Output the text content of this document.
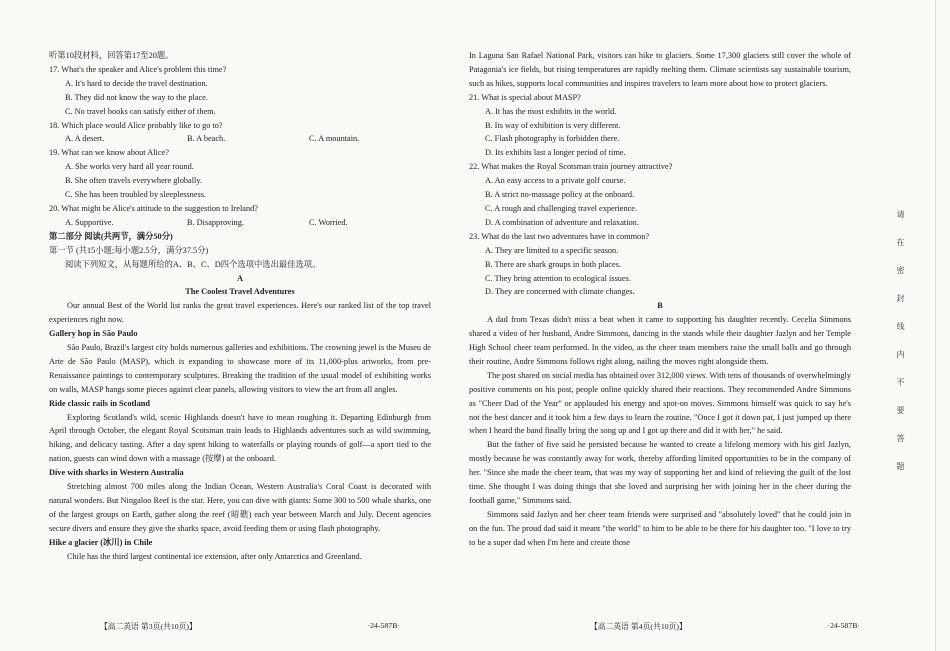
听第10段材料，回答第17至20题。
17. What's the speaker and Alice's problem this time?
A. It's hard to decide the travel destination.
B. They did not know the way to the place.
C. No travel books can satisfy either of them.
18. Which place would Alice probably like to go to?
A. A desert.	B. A beach.	C. A mountain.
19. What can we know about Alice?
A. She works very hard all year round.
B. She often travels everywhere globally.
C. She has been troubled by sleeplessness.
20. What might be Alice's attitude to the suggestion to Ireland?
A. Supportive.	B. Disapproving.	C. Worried.
第二部分 阅读(共两节，满分50分)
第一节 (共15小题;每小题2.5分，满分37.5分)
阅读下列短文，从每题所给的A、B、C、D四个选项中选出最佳选项。
A
The Coolest Travel Adventures
Our annual Best of the World list ranks the great travel experiences. Here's our ranked list of the top travel experiences right now.
Gallery hop in São Paulo
São Paulo, Brazil's largest city holds numerous galleries and exhibitions. The crowning jewel is the Museu de Arte de São Paulo (MASP), which is expanding to showcase more of its 11,000-plus artworks, from pre-Renaissance paintings to contemporary sculptures. Breaking the tradition of the usual model of exhibiting works on walls, MASP hangs some pieces against clear panels, allowing visitors to view the art from all angles.
Ride classic rails in Scotland
Exploring Scotland's wild, scenic Highlands doesn't have to mean roughing it. Departing Edinburgh from April through October, the elegant Royal Scotsman train leads to Highlands adventures such as wild swimming, hiking, and delicacy tasting. After a day spent hiking to waterfalls or playing rounds of golf—a sport tied to the nation, guests can wind down with a massage (按摩) at the onboard.
Dive with sharks in Western Australia
Stretching almost 700 miles along the Indian Ocean, Western Australia's Coral Coast is decorated with natural wonders. But Ningaloo Reef is the star. Here, you can dive with giants: Some 300 to 500 whale sharks, one of the largest groups on Earth, gather along the reef (暗礁) each year between March and July. Decent agencies secure divers and ensure they give the sharks space, avoid feeding them or using flash photography.
Hike a glacier (冰川) in Chile
Chile has the third largest continental ice extension, after only Antarctica and Greenland.
In Laguna San Rafael National Park, visitors can hike to glaciers. Some 17,300 glaciers still cover the whole of Patagonia's ice fields, but rising temperatures are rapidly melting them. Climate scientists say sustainable tourism, such as hikes, supports local communities and inspires travelers to learn more about how to protect glaciers.
21. What is special about MASP?
A. It has the most exhibits in the world.
B. Its way of exhibition is very different.
C. Flash photography is forbidden there.
D. Its exhibits last a longer period of time.
22. What makes the Royal Scotsman train journey attractive?
A. An easy access to a private golf course.
B. A strict no-massage policy at the onboard.
C. A rough and challenging travel experience.
D. A combination of adventure and relaxation.
23. What do the last two adventures have in common?
A. They are limited to a specific season.
B. There are shark groups in both places.
C. They bring attention to ecological issues.
D. They are concerned with climate changes.
B
A dad from Texas didn't miss a beat when it came to supporting his daughter recently. Cecelia Simmons shared a video of her husband, Andre Simmons, dancing in the stands while their daughter Jazlyn and her Temple High School cheer team performed. In the video, as the cheer team members raise the small balls and go through their routine, Andre Simmons follows right along, nailing the moves right alongside them.
The post shared on social media has obtained over 312,000 views. With tens of thousands of overwhelmingly positive comments on his post, people online quickly shared their reactions. They recommended Andre Simmons as "Cheer Dad of the Year" or applauded his energy and spot-on moves. Simmons himself was quick to say he's not the best dancer and it took him a few days to learn the routine. "Once I got it down pat, I just jumped up there when I heard the band finally bring the song up and I got up there and did it with her," he said.
But the father of five said he persisted because he wanted to create a lifelong memory with his girl Jazlyn, mostly because he was constantly away for work, thereby affording limited opportunities to be in the company of her. "Since she made the cheer team, that was my way of supporting her and kind of relieving the guilt of the lost time. She thought I was doing things that she loved and surprising her with joining her in the cheer during the football game," Simmons said.
Simmons said Jazlyn and her cheer team friends were surprised and "absolutely loved" that he could join in on the fun. The proud dad said it meant "the world" to him to be able to be there for his daughter too. "I love to try to be a super dad when I'm here and create those
【高二英语 第3页(共10页)】	·24-587B·	【高二英语 第4页(共10页)】	·24-587B·
请在密封线内不要答题
